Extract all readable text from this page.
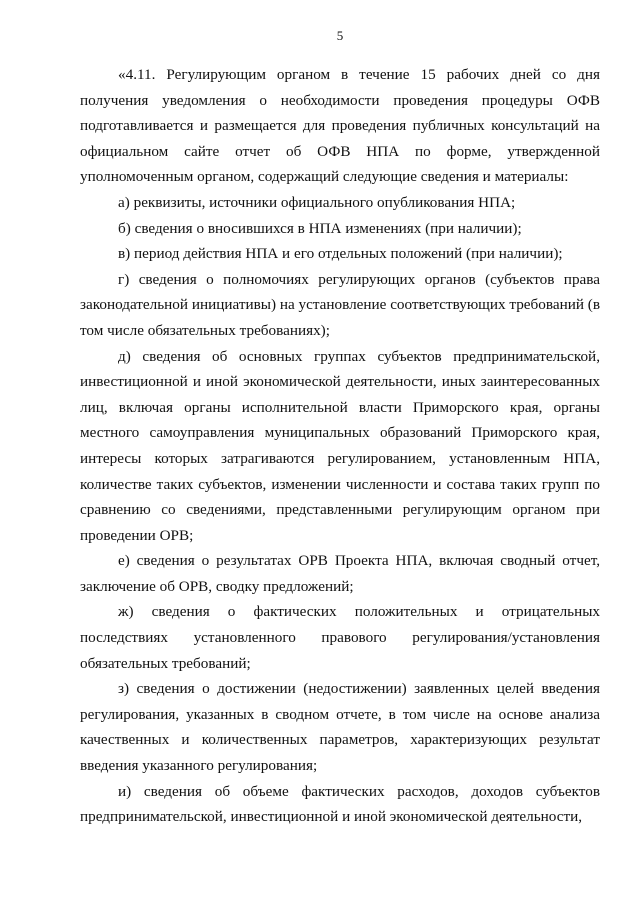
5

«4.11. Регулирующим органом в течение 15 рабочих дней со дня получения уведомления о необходимости проведения процедуры ОФВ подготавливается и размещается для проведения публичных консультаций на официальном сайте отчет об ОФВ НПА по форме, утвержденной уполномоченным органом, содержащий следующие сведения и материалы:

а) реквизиты, источники официального опубликования НПА;

б) сведения о вносившихся в НПА изменениях (при наличии);

в) период действия НПА и его отдельных положений (при наличии);

г) сведения о полномочиях регулирующих органов (субъектов права законодательной инициативы) на установление соответствующих требований (в том числе обязательных требованиях);

д) сведения об основных группах субъектов предпринимательской, инвестиционной и иной экономической деятельности, иных заинтересованных лиц, включая органы исполнительной власти Приморского края, органы местного самоуправления муниципальных образований Приморского края, интересы которых затрагиваются регулированием, установленным НПА, количестве таких субъектов, изменении численности и состава таких групп по сравнению со сведениями, представленными регулирующим органом при проведении ОРВ;

е) сведения о результатах ОРВ Проекта НПА, включая сводный отчет, заключение об ОРВ, сводку предложений;

ж) сведения о фактических положительных и отрицательных последствиях установленного правового регулирования/установления обязательных требований;

з) сведения о достижении (недостижении) заявленных целей введения регулирования, указанных в сводном отчете, в том числе на основе анализа качественных и количественных параметров, характеризующих результат введения указанного регулирования;

и) сведения об объеме фактических расходов, доходов субъектов предпринимательской, инвестиционной и иной экономической деятельности,
